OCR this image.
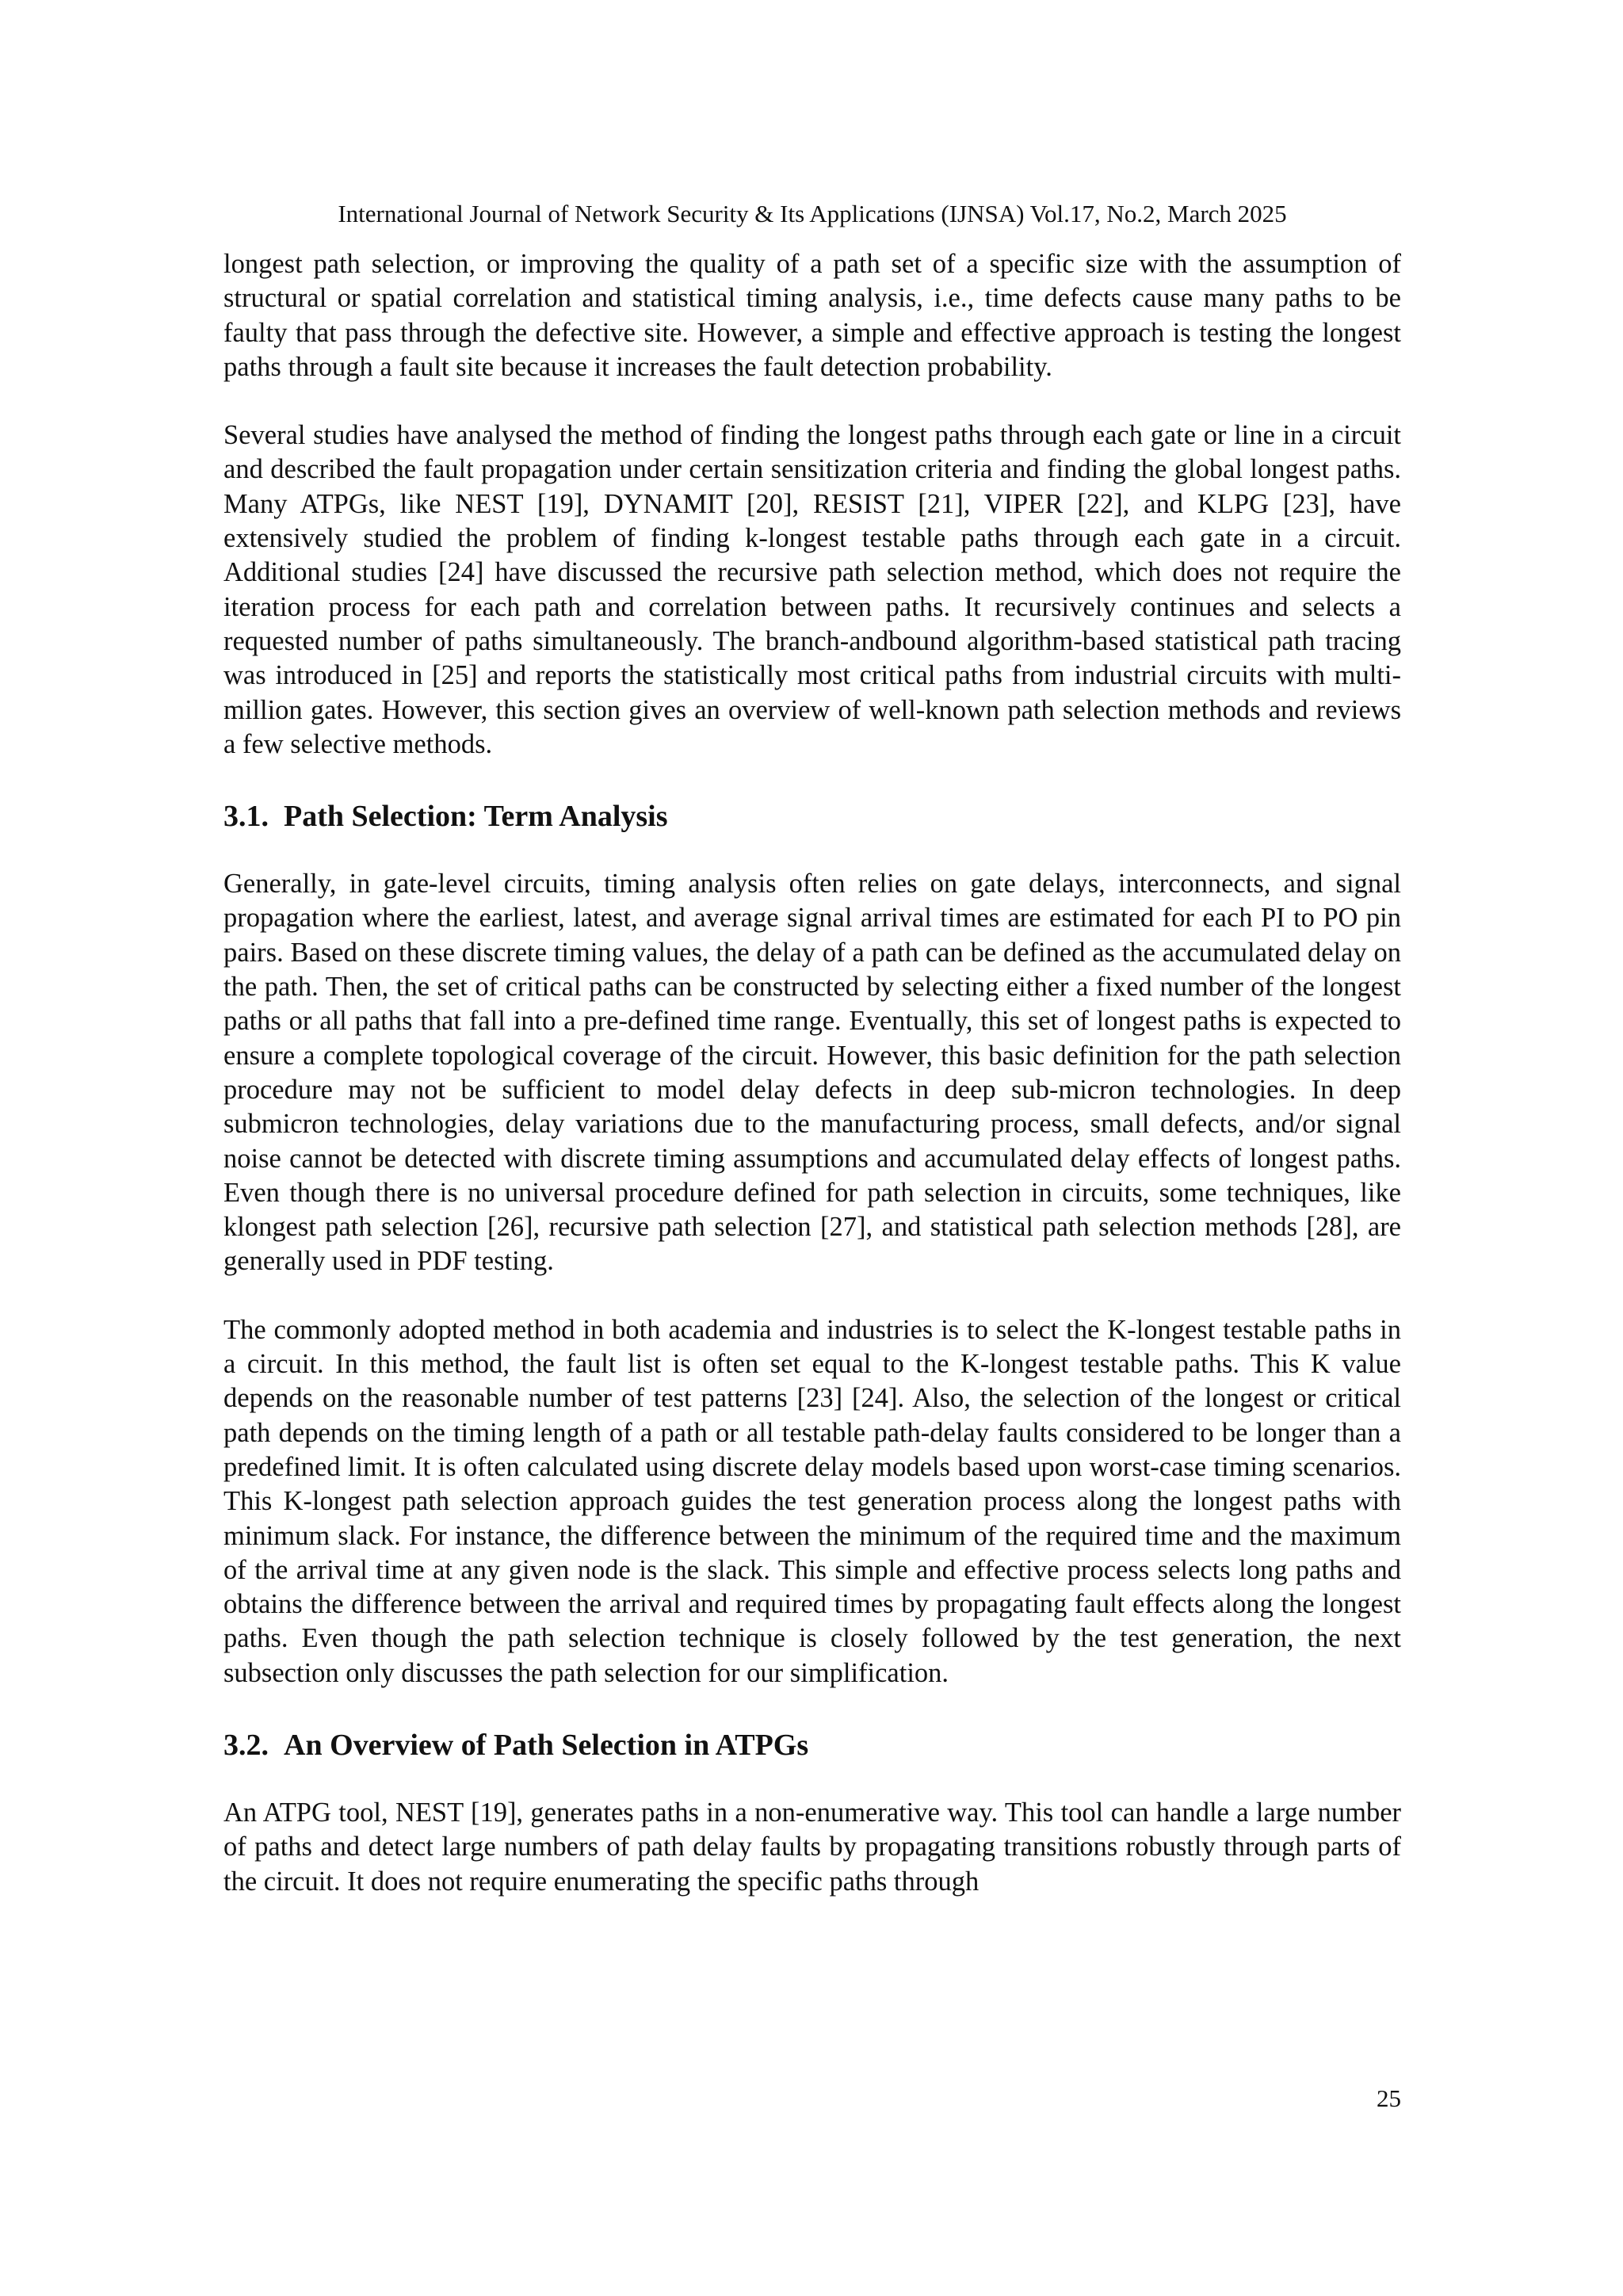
International Journal of Network Security & Its Applications (IJNSA) Vol.17, No.2, March 2025

longest path selection, or improving the quality of a path set of a specific size with the assumption of structural or spatial correlation and statistical timing analysis, i.e., time defects cause many paths to be faulty that pass through the defective site. However, a simple and effective approach is testing the longest paths through a fault site because it increases the fault detection probability.

Several studies have analysed the method of finding the longest paths through each gate or line in a circuit and described the fault propagation under certain sensitization criteria and finding the global longest paths. Many ATPGs, like NEST [19], DYNAMIT [20], RESIST [21], VIPER [22], and KLPG [23], have extensively studied the problem of finding k-longest testable paths through each gate in a circuit. Additional studies [24] have discussed the recursive path selection method, which does not require the iteration process for each path and correlation between paths. It recursively continues and selects a requested number of paths simultaneously. The branch-andbound algorithm-based statistical path tracing was introduced in [25] and reports the statistically most critical paths from industrial circuits with multi-million gates. However, this section gives an overview of well-known path selection methods and reviews a few selective methods.

3.1. Path Selection: Term Analysis

Generally, in gate-level circuits, timing analysis often relies on gate delays, interconnects, and signal propagation where the earliest, latest, and average signal arrival times are estimated for each PI to PO pin pairs. Based on these discrete timing values, the delay of a path can be defined as the accumulated delay on the path. Then, the set of critical paths can be constructed by selecting either a fixed number of the longest paths or all paths that fall into a pre-defined time range. Eventually, this set of longest paths is expected to ensure a complete topological coverage of the circuit. However, this basic definition for the path selection procedure may not be sufficient to model delay defects in deep sub-micron technologies. In deep submicron technologies, delay variations due to the manufacturing process, small defects, and/or signal noise cannot be detected with discrete timing assumptions and accumulated delay effects of longest paths. Even though there is no universal procedure defined for path selection in circuits, some techniques, like klongest path selection [26], recursive path selection [27], and statistical path selection methods [28], are generally used in PDF testing.

The commonly adopted method in both academia and industries is to select the K-longest testable paths in a circuit. In this method, the fault list is often set equal to the K-longest testable paths. This K value depends on the reasonable number of test patterns [23] [24]. Also, the selection of the longest or critical path depends on the timing length of a path or all testable path-delay faults considered to be longer than a predefined limit. It is often calculated using discrete delay models based upon worst-case timing scenarios. This K-longest path selection approach guides the test generation process along the longest paths with minimum slack. For instance, the difference between the minimum of the required time and the maximum of the arrival time at any given node is the slack. This simple and effective process selects long paths and obtains the difference between the arrival and required times by propagating fault effects along the longest paths. Even though the path selection technique is closely followed by the test generation, the next subsection only discusses the path selection for our simplification.

3.2. An Overview of Path Selection in ATPGs

An ATPG tool, NEST [19], generates paths in a non-enumerative way. This tool can handle a large number of paths and detect large numbers of path delay faults by propagating transitions robustly through parts of the circuit. It does not require enumerating the specific paths through

25
